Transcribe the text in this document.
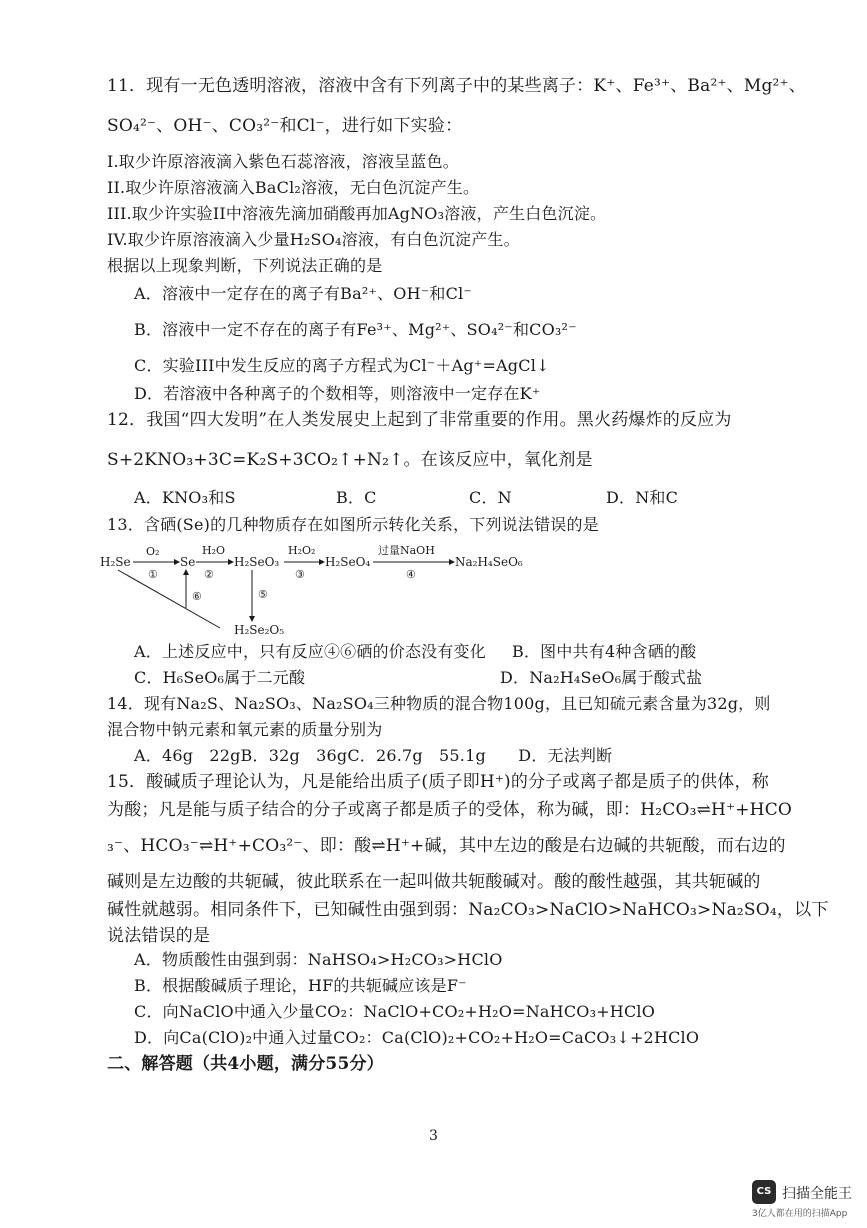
11．现有一无色透明溶液，溶液中含有下列离子中的某些离子：K⁺、Fe³⁺、Ba²⁺、Mg²⁺、
SO₄²⁻、OH⁻、CO₃²⁻和Cl⁻，进行如下实验：
I.取少许原溶液滴入紫色石蕊溶液，溶液呈蓝色。
II.取少许原溶液滴入BaCl₂溶液，无白色沉淀产生。
III.取少许实验II中溶液先滴加硝酸再加AgNO₃溶液，产生白色沉淀。
IV.取少许原溶液滴入少量H₂SO₄溶液，有白色沉淀产生。
根据以上现象判断，下列说法正确的是
A．溶液中一定存在的离子有Ba²⁺、OH⁻和Cl⁻
B．溶液中一定不存在的离子有Fe³⁺、Mg²⁺、SO₄²⁻和CO₃²⁻
C．实验III中发生反应的离子方程式为Cl⁻＋Ag⁺=AgCl↓
D．若溶液中各种离子的个数相等，则溶液中一定存在K⁺
12．我国“四大发明”在人类发展史上起到了非常重要的作用。黑火药爆炸的反应为
S+2KNO₃+3C=K₂S+3CO₂↑+N₂↑。在该反应中，氧化剂是
A．KNO₃和S	B．C	C．N	D．N和C
13．含硒(Se)的几种物质存在如图所示转化关系，下列说法错误的是
H₂Se	Se	H₂SeO₃	H₂SeO₄	Na₂H₄SeO₆
H₂Se₂O₅
O₂	H₂O	H₂O₂	过量NaOH
①	②	③	④
⑥	⑤
A．上述反应中，只有反应④⑥硒的价态没有变化 B．图中共有4种含硒的酸
C．H₆SeO₆属于二元酸	D．Na₂H₄SeO₆属于酸式盐
14．现有Na₂S、Na₂SO₃、Na₂SO₄三种物质的混合物100g，且已知硫元素含量为32g，则
混合物中钠元素和氧元素的质量分别为
A．46g　22gB．32g　36gC．26.7g　55.1g　　D．无法判断
15．酸碱质子理论认为，凡是能给出质子(质子即H⁺)的分子或离子都是质子的供体，称
为酸；凡是能与质子结合的分子或离子都是质子的受体，称为碱，即：H₂CO₃⇌H⁺+HCO
₃⁻、HCO₃⁻⇌H⁺+CO₃²⁻、即：酸⇌H⁺+碱，其中左边的酸是右边碱的共轭酸，而右边的
碱则是左边酸的共轭碱，彼此联系在一起叫做共轭酸碱对。酸的酸性越强，其共轭碱的
碱性就越弱。相同条件下，已知碱性由强到弱：Na₂CO₃>NaClO>NaHCO₃>Na₂SO₄，以下
说法错误的是
A．物质酸性由强到弱：NaHSO₄>H₂CO₃>HClO
B．根据酸碱质子理论，HF的共轭碱应该是F⁻
C．向NaClO中通入少量CO₂：NaClO+CO₂+H₂O=NaHCO₃+HClO
D．向Ca(ClO)₂中通入过量CO₂：Ca(ClO)₂+CO₂+H₂O=CaCO₃↓+2HClO
二、解答题（共4小题，满分55分）
3
CS 扫描全能王
3亿人都在用的扫描App
